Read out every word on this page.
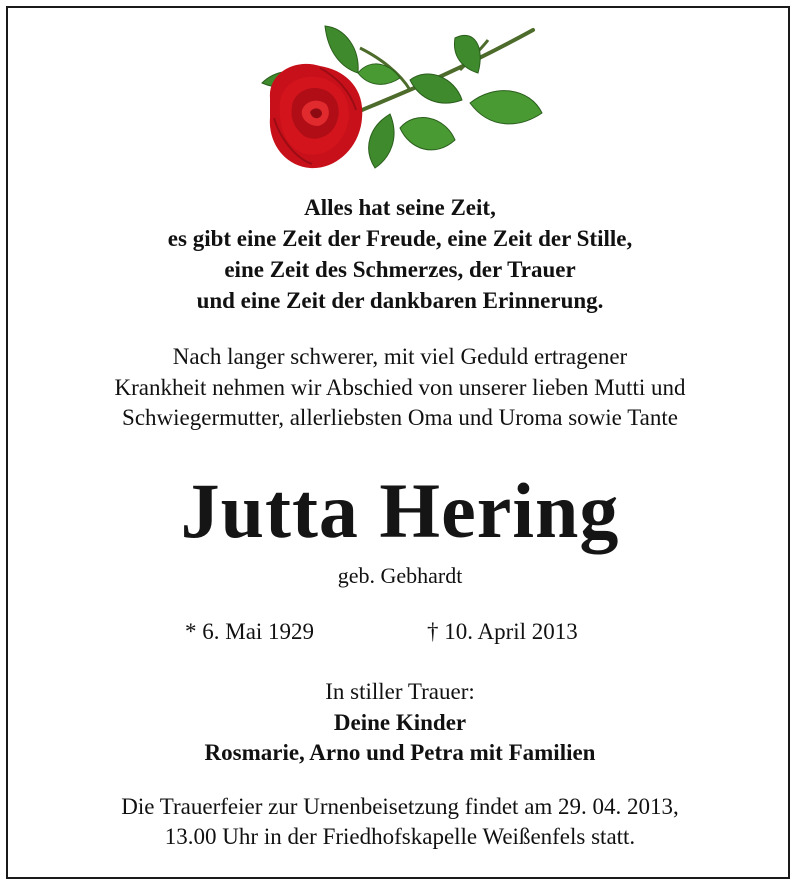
Alles hat seine Zeit,
es gibt eine Zeit der Freude, eine Zeit der Stille,
eine Zeit des Schmerzes, der Trauer
und eine Zeit der dankbaren Erinnerung.
Nach langer schwerer, mit viel Geduld ertragener
Krankheit nehmen wir Abschied von unserer lieben Mutti und
Schwiegermutter, allerliebsten Oma und Uroma sowie Tante
Jutta Hering
geb. Gebhardt
* 6. Mai 1929	† 10. April 2013
In stiller Trauer:
Deine Kinder
Rosmarie, Arno und Petra mit Familien
Die Trauerfeier zur Urnenbeisetzung findet am 29. 04. 2013,
13.00 Uhr in der Friedhofskapelle Weißenfels statt.
